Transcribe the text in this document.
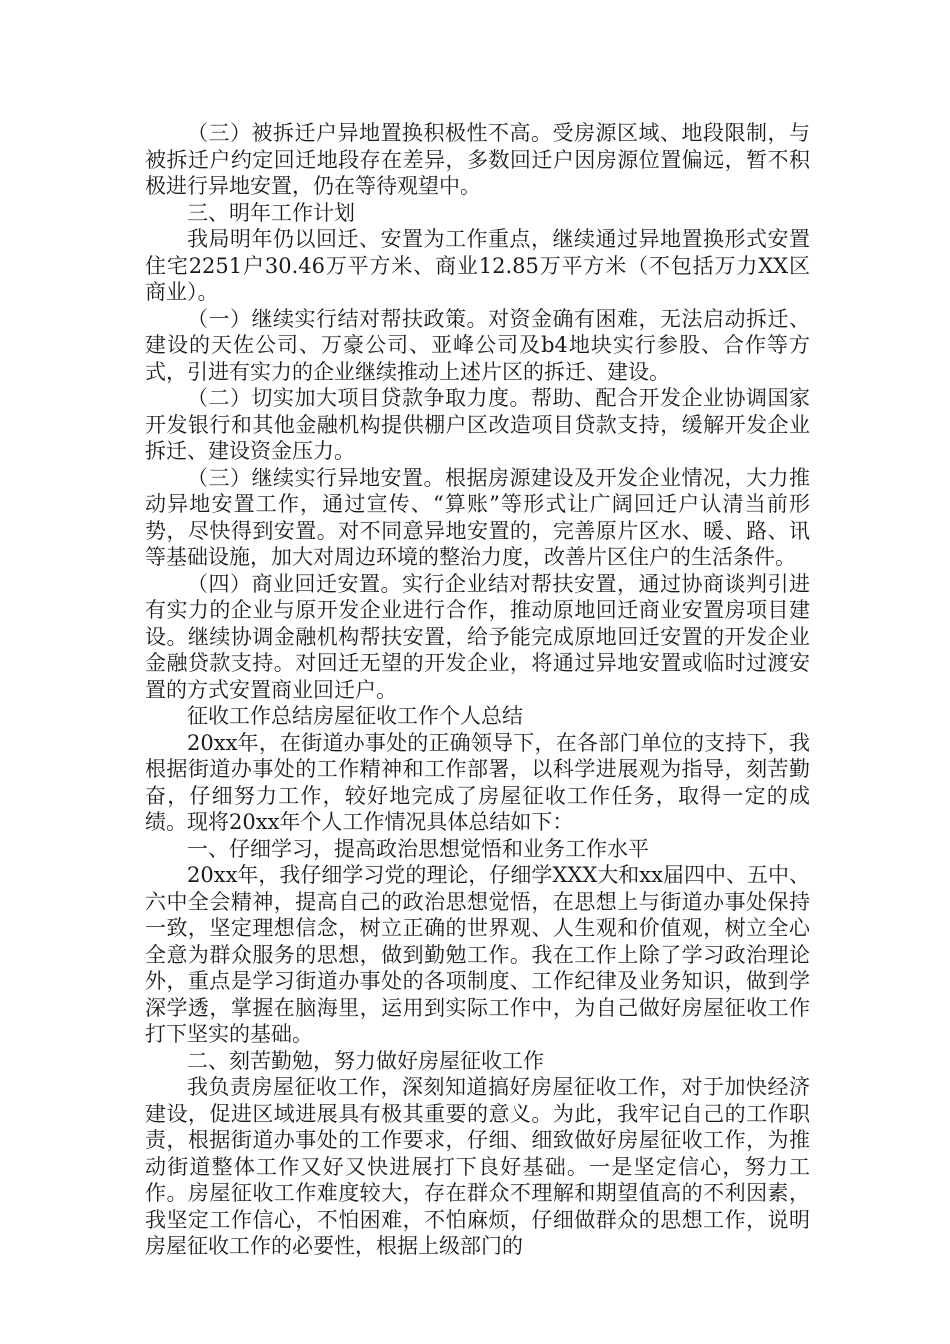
（三）被拆迁户异地置换积极性不高。受房源区域、地段限制，与被拆迁户约定回迁地段存在差异，多数回迁户因房源位置偏远，暂不积极进行异地安置，仍在等待观望中。

三、明年工作计划

我局明年仍以回迁、安置为工作重点，继续通过异地置换形式安置住宅2251户30.46万平方米、商业12.85万平方米（不包括万力XX区商业）。

（一）继续实行结对帮扶政策。对资金确有困难，无法启动拆迁、建设的天佐公司、万豪公司、亚峰公司及b4地块实行参股、合作等方式，引进有实力的企业继续推动上述片区的拆迁、建设。

（二）切实加大项目贷款争取力度。帮助、配合开发企业协调国家开发银行和其他金融机构提供棚户区改造项目贷款支持，缓解开发企业拆迁、建设资金压力。

（三）继续实行异地安置。根据房源建设及开发企业情况，大力推动异地安置工作，通过宣传、“算账”等形式让广阔回迁户认清当前形势，尽快得到安置。对不同意异地安置的，完善原片区水、暖、路、讯等基础设施，加大对周边环境的整治力度，改善片区住户的生活条件。

（四）商业回迁安置。实行企业结对帮扶安置，通过协商谈判引进有实力的企业与原开发企业进行合作，推动原地回迁商业安置房项目建设。继续协调金融机构帮扶安置，给予能完成原地回迁安置的开发企业金融贷款支持。对回迁无望的开发企业，将通过异地安置或临时过渡安置的方式安置商业回迁户。

征收工作总结房屋征收工作个人总结

20xx年，在街道办事处的正确领导下，在各部门单位的支持下，我根据街道办事处的工作精神和工作部署，以科学进展观为指导，刻苦勤奋，仔细努力工作，较好地完成了房屋征收工作任务，取得一定的成绩。现将20xx年个人工作情况具体总结如下：

一、仔细学习，提高政治思想觉悟和业务工作水平

20xx年，我仔细学习党的理论，仔细学XXX大和xx届四中、五中、六中全会精神，提高自己的政治思想觉悟，在思想上与街道办事处保持一致，坚定理想信念，树立正确的世界观、人生观和价值观，树立全心全意为群众服务的思想，做到勤勉工作。我在工作上除了学习政治理论外，重点是学习街道办事处的各项制度、工作纪律及业务知识，做到学深学透，掌握在脑海里，运用到实际工作中，为自己做好房屋征收工作打下坚实的基础。

二、刻苦勤勉，努力做好房屋征收工作

我负责房屋征收工作，深刻知道搞好房屋征收工作，对于加快经济建设，促进区域进展具有极其重要的意义。为此，我牢记自己的工作职责，根据街道办事处的工作要求，仔细、细致做好房屋征收工作，为推动街道整体工作又好又快进展打下良好基础。一是坚定信心，努力工作。房屋征收工作难度较大，存在群众不理解和期望值高的不利因素，我坚定工作信心，不怕困难，不怕麻烦，仔细做群众的思想工作，说明房屋征收工作的必要性，根据上级部门的
